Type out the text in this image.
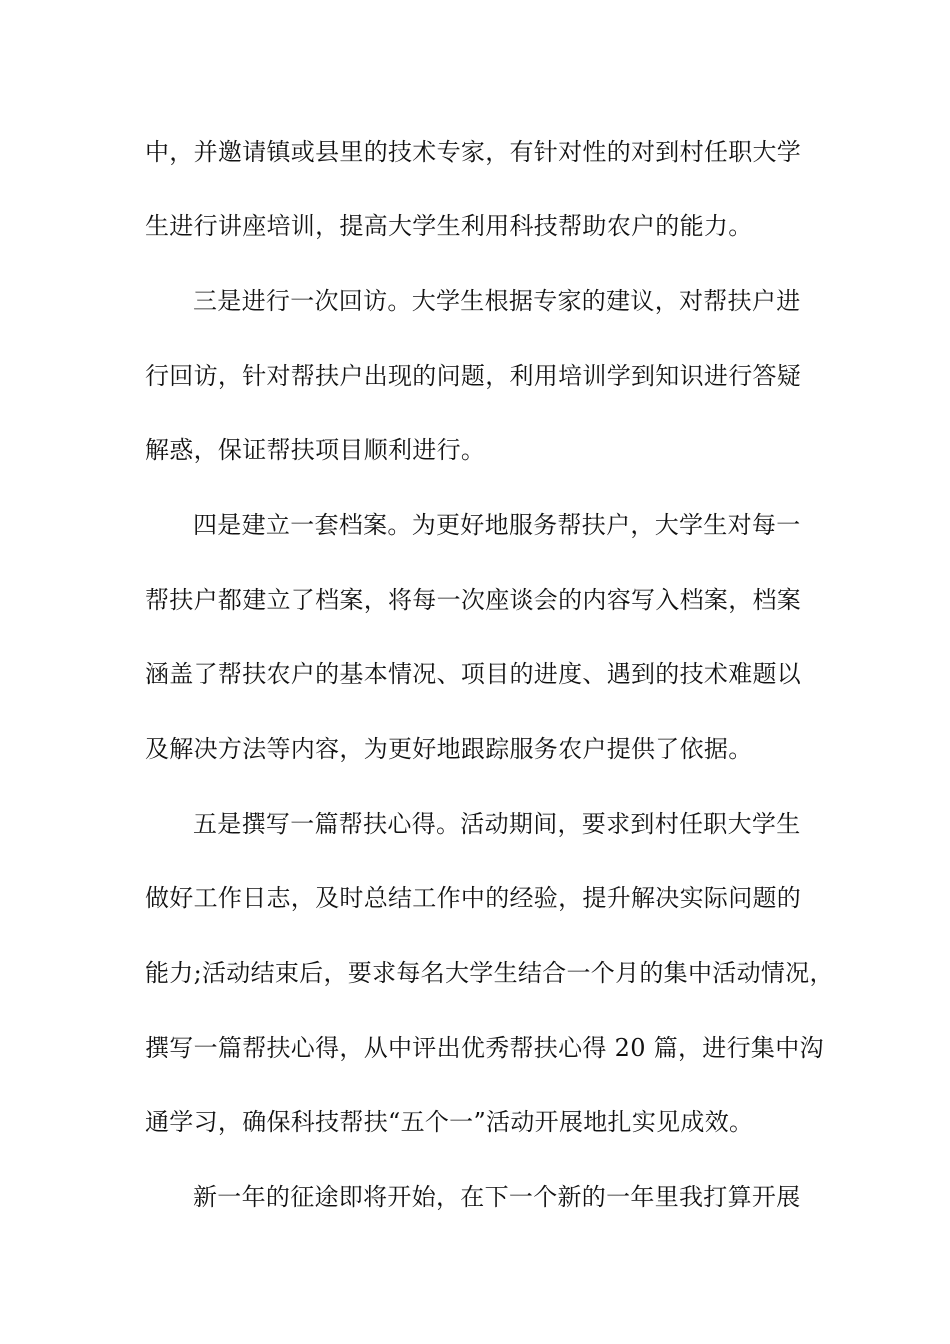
中，并邀请镇或县里的技术专家，有针对性的对到村任职大学
生进行讲座培训，提高大学生利用科技帮助农户的能力。
三是进行一次回访。大学生根据专家的建议，对帮扶户进
行回访，针对帮扶户出现的问题，利用培训学到知识进行答疑
解惑，保证帮扶项目顺利进行。
四是建立一套档案。为更好地服务帮扶户，大学生对每一
帮扶户都建立了档案，将每一次座谈会的内容写入档案，档案
涵盖了帮扶农户的基本情况、项目的进度、遇到的技术难题以
及解决方法等内容，为更好地跟踪服务农户提供了依据。
五是撰写一篇帮扶心得。活动期间，要求到村任职大学生
做好工作日志，及时总结工作中的经验，提升解决实际问题的
能力;活动结束后，要求每名大学生结合一个月的集中活动情况，
撰写一篇帮扶心得，从中评出优秀帮扶心得 20 篇，进行集中沟
通学习，确保科技帮扶“五个一”活动开展地扎实见成效。
新一年的征途即将开始，在下一个新的一年里我打算开展
